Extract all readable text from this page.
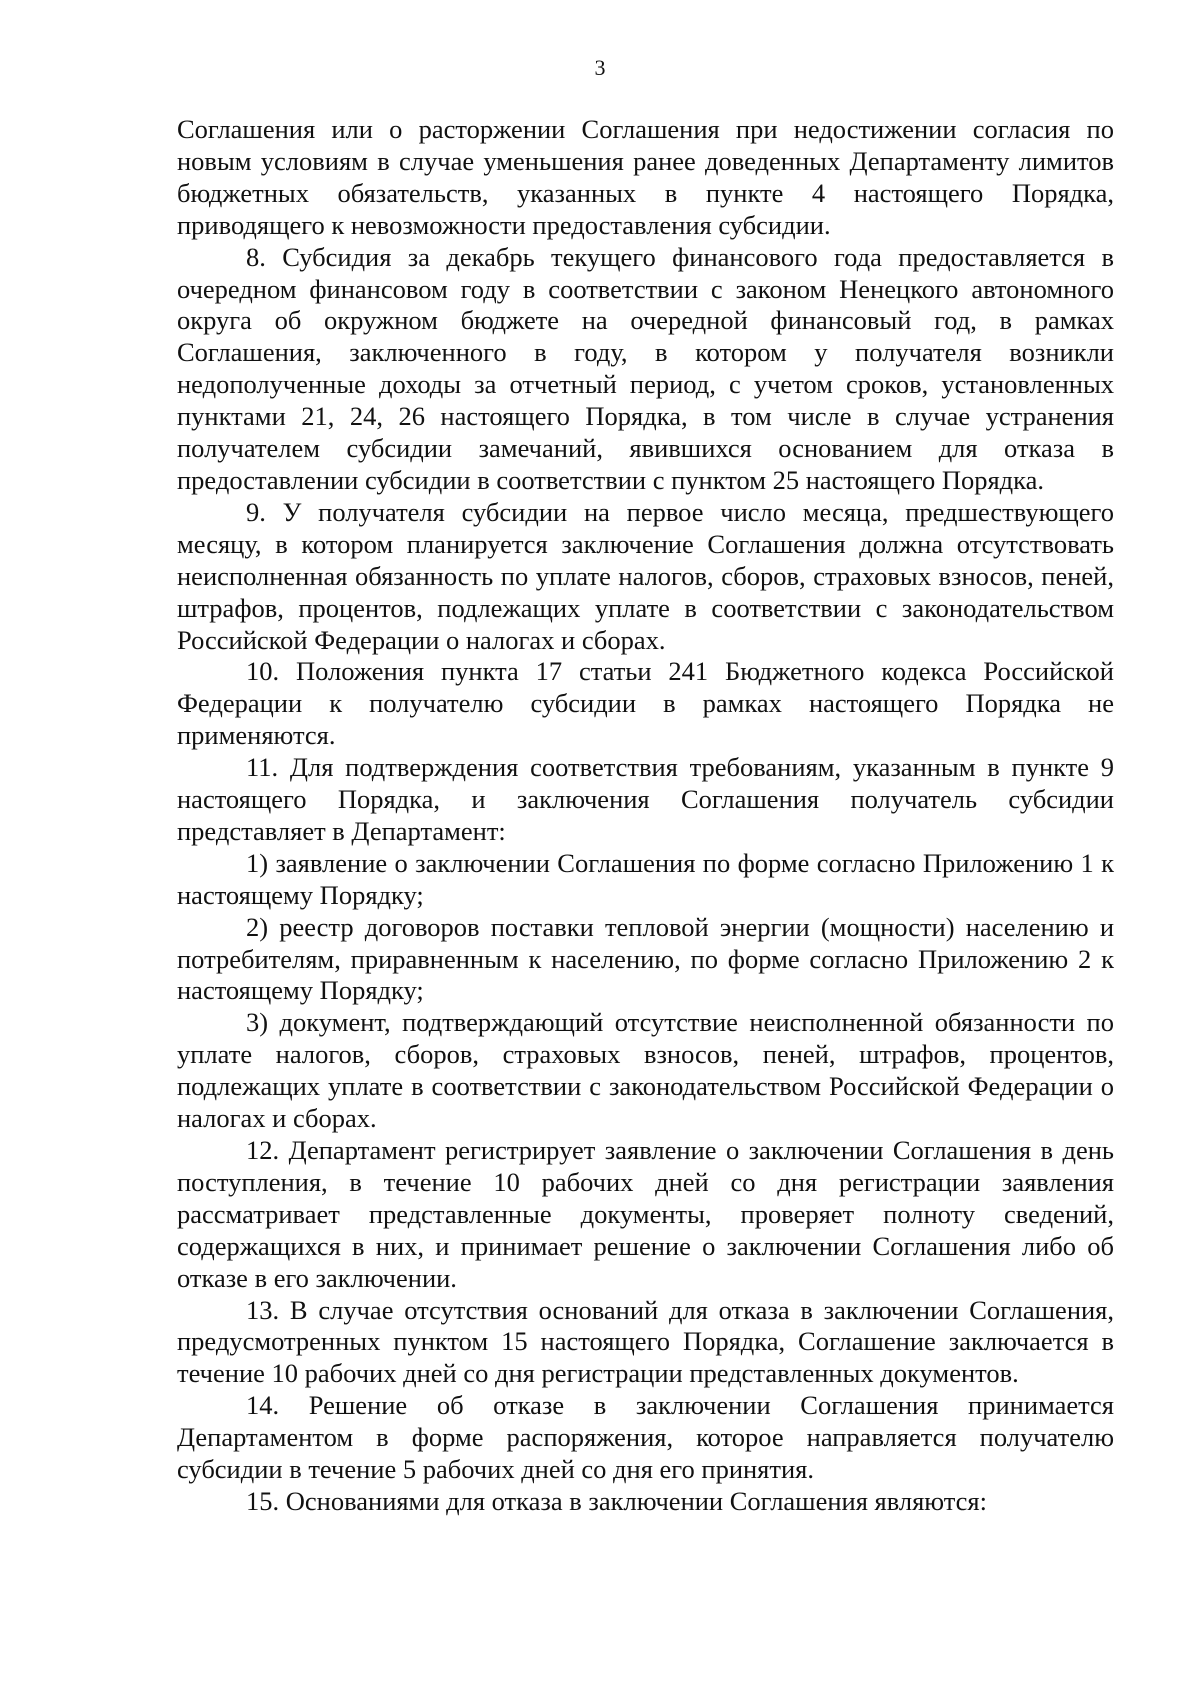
3

Соглашения или о расторжении Соглашения при недостижении согласия по новым условиям в случае уменьшения ранее доведенных Департаменту лимитов бюджетных обязательств, указанных в пункте 4 настоящего Порядка, приводящего к невозможности предоставления субсидии.

8. Субсидия за декабрь текущего финансового года предоставляется в очередном финансовом году в соответствии с законом Ненецкого автономного округа об окружном бюджете на очередной финансовый год, в рамках Соглашения, заключенного в году, в котором у получателя возникли недополученные доходы за отчетный период, с учетом сроков, установленных пунктами 21, 24, 26 настоящего Порядка, в том числе в случае устранения получателем субсидии замечаний, явившихся основанием для отказа в предоставлении субсидии в соответствии с пунктом 25 настоящего Порядка.

9. У получателя субсидии на первое число месяца, предшествующего месяцу, в котором планируется заключение Соглашения должна отсутствовать неисполненная обязанность по уплате налогов, сборов, страховых взносов, пеней, штрафов, процентов, подлежащих уплате в соответствии с законодательством Российской Федерации о налогах и сборах.

10. Положения пункта 17 статьи 241 Бюджетного кодекса Российской Федерации к получателю субсидии в рамках настоящего Порядка не применяются.

11. Для подтверждения соответствия требованиям, указанным в пункте 9 настоящего Порядка, и заключения Соглашения получатель субсидии представляет в Департамент:

1) заявление о заключении Соглашения по форме согласно Приложению 1 к настоящему Порядку;

2) реестр договоров поставки тепловой энергии (мощности) населению и потребителям, приравненным к населению, по форме согласно Приложению 2 к настоящему Порядку;

3) документ, подтверждающий отсутствие неисполненной обязанности по уплате налогов, сборов, страховых взносов, пеней, штрафов, процентов, подлежащих уплате в соответствии с законодательством Российской Федерации о налогах и сборах.

12. Департамент регистрирует заявление о заключении Соглашения в день поступления, в течение 10 рабочих дней со дня регистрации заявления рассматривает представленные документы, проверяет полноту сведений, содержащихся в них, и принимает решение о заключении Соглашения либо об отказе в его заключении.

13. В случае отсутствия оснований для отказа в заключении Соглашения, предусмотренных пунктом 15 настоящего Порядка, Соглашение заключается в течение 10 рабочих дней со дня регистрации представленных документов.

14. Решение об отказе в заключении Соглашения принимается Департаментом в форме распоряжения, которое направляется получателю субсидии в течение 5 рабочих дней со дня его принятия.

15. Основаниями для отказа в заключении Соглашения являются:
